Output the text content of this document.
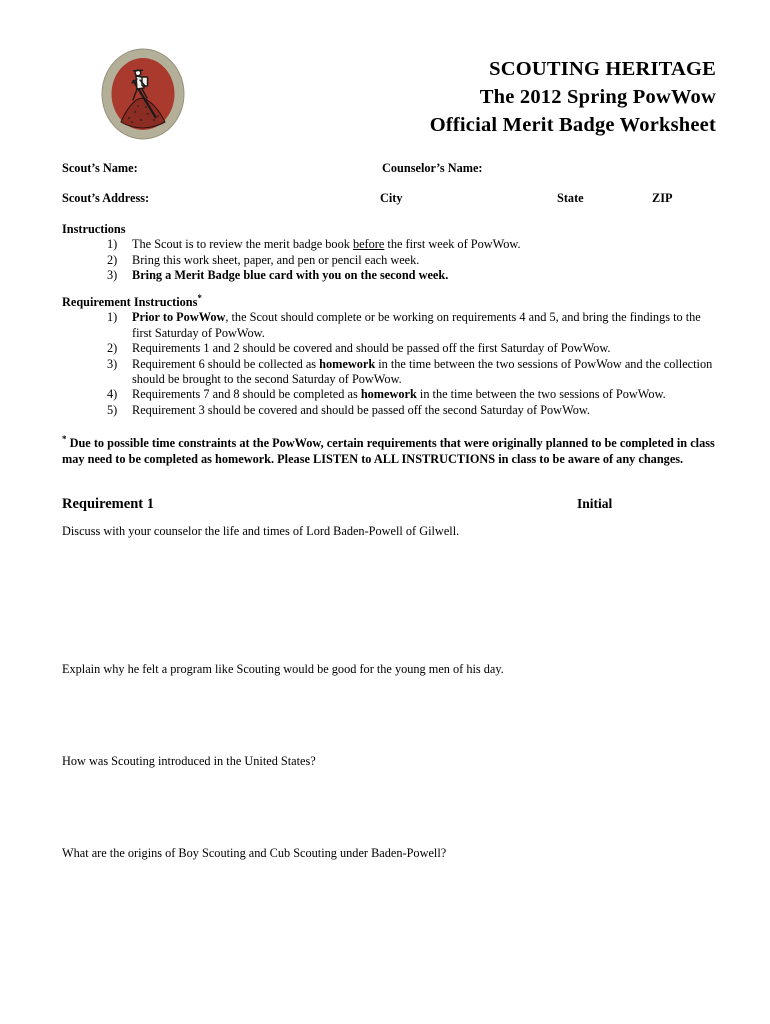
SCOUTING HERITAGE
The 2012 Spring PowWow
Official Merit Badge Worksheet
Scout’s Name:	Counselor’s Name:
Scout’s Address:	City	State	ZIP
Instructions
1)	The Scout is to review the merit badge book before the first week of PowWow.
2)	Bring this work sheet, paper, and pen or pencil each week.
3)	Bring a Merit Badge blue card with you on the second week.
Requirement Instructions*
1)	Prior to PowWow, the Scout should complete or be working on requirements 4 and 5, and bring the findings to the first Saturday of PowWow.
2)	Requirements 1 and 2 should be covered and should be passed off the first Saturday of PowWow.
3)	Requirement 6 should be collected as homework in the time between the two sessions of PowWow and the collection should be brought to the second Saturday of PowWow.
4)	Requirements 7 and 8 should be completed as homework in the time between the two sessions of PowWow.
5)	Requirement 3 should be covered and should be passed off the second Saturday of PowWow.
* Due to possible time constraints at the PowWow, certain requirements that were originally planned to be completed in class may need to be completed as homework. Please LISTEN to ALL INSTRUCTIONS in class to be aware of any changes.
Requirement 1	Initial
Discuss with your counselor the life and times of Lord Baden-Powell of Gilwell.
Explain why he felt a program like Scouting would be good for the young men of his day.
How was Scouting introduced in the United States?
What are the origins of Boy Scouting and Cub Scouting under Baden-Powell?
